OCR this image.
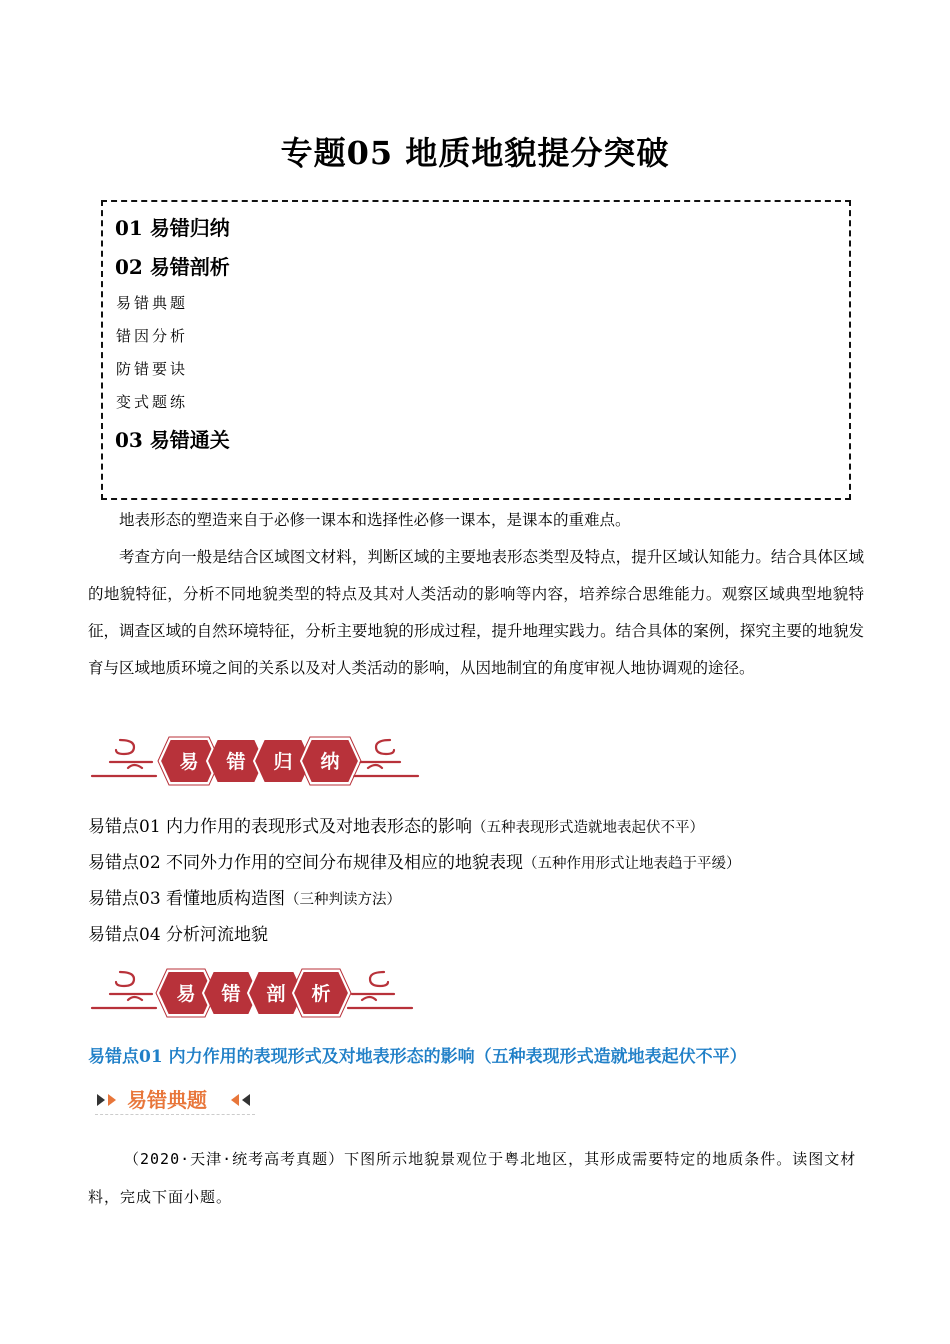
专题05 地质地貌提分突破
01 易错归纳
02 易错剖析
易错典题
错因分析
防错要诀
变式题练
03 易错通关

地表形态的塑造来自于必修一课本和选择性必修一课本，是课本的重难点。

考查方向一般是结合区域图文材料，判断区域的主要地表形态类型及特点，提升区域认知能力。结合具体区域的地貌特征，分析不同地貌类型的特点及其对人类活动的影响等内容，培养综合思维能力。观察区域典型地貌特征，调查区域的自然环境特征，分析主要地貌的形成过程，提升地理实践力。结合具体的案例，探究主要的地貌发育与区域地质环境之间的关系以及对人类活动的影响，从因地制宜的角度审视人地协调观的途径。

易 错 归 纳
易错点01 内力作用的表现形式及对地表形态的影响（五种表现形式造就地表起伏不平）
易错点02 不同外力作用的空间分布规律及相应的地貌表现（五种作用形式让地表趋于平缓）
易错点03 看懂地质构造图（三种判读方法）
易错点04 分析河流地貌
易 错 剖 析
易错点01 内力作用的表现形式及对地表形态的影响（五种表现形式造就地表起伏不平）
易错典题

（2020·天津·统考高考真题）下图所示地貌景观位于粤北地区，其形成需要特定的地质条件。读图文材料，完成下面小题。
